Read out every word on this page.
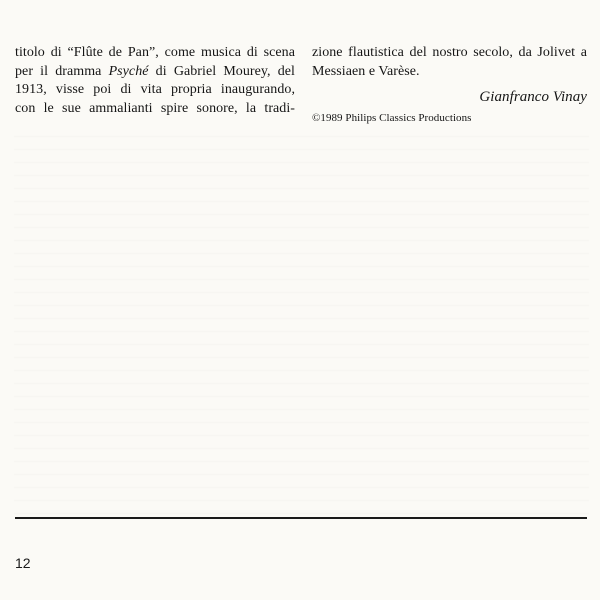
titolo di “Flûte de Pan”, come musica di scena
per il dramma Psyché di Gabriel Mourey, del
1913, visse poi di vita propria inaugurando,
con le sue ammalianti spire sonore, la tradi-
zione flautistica del nostro secolo, da Jolivet a
Messiaen e Varèse.
Gianfranco Vinay
©1989 Philips Classics Productions
12
